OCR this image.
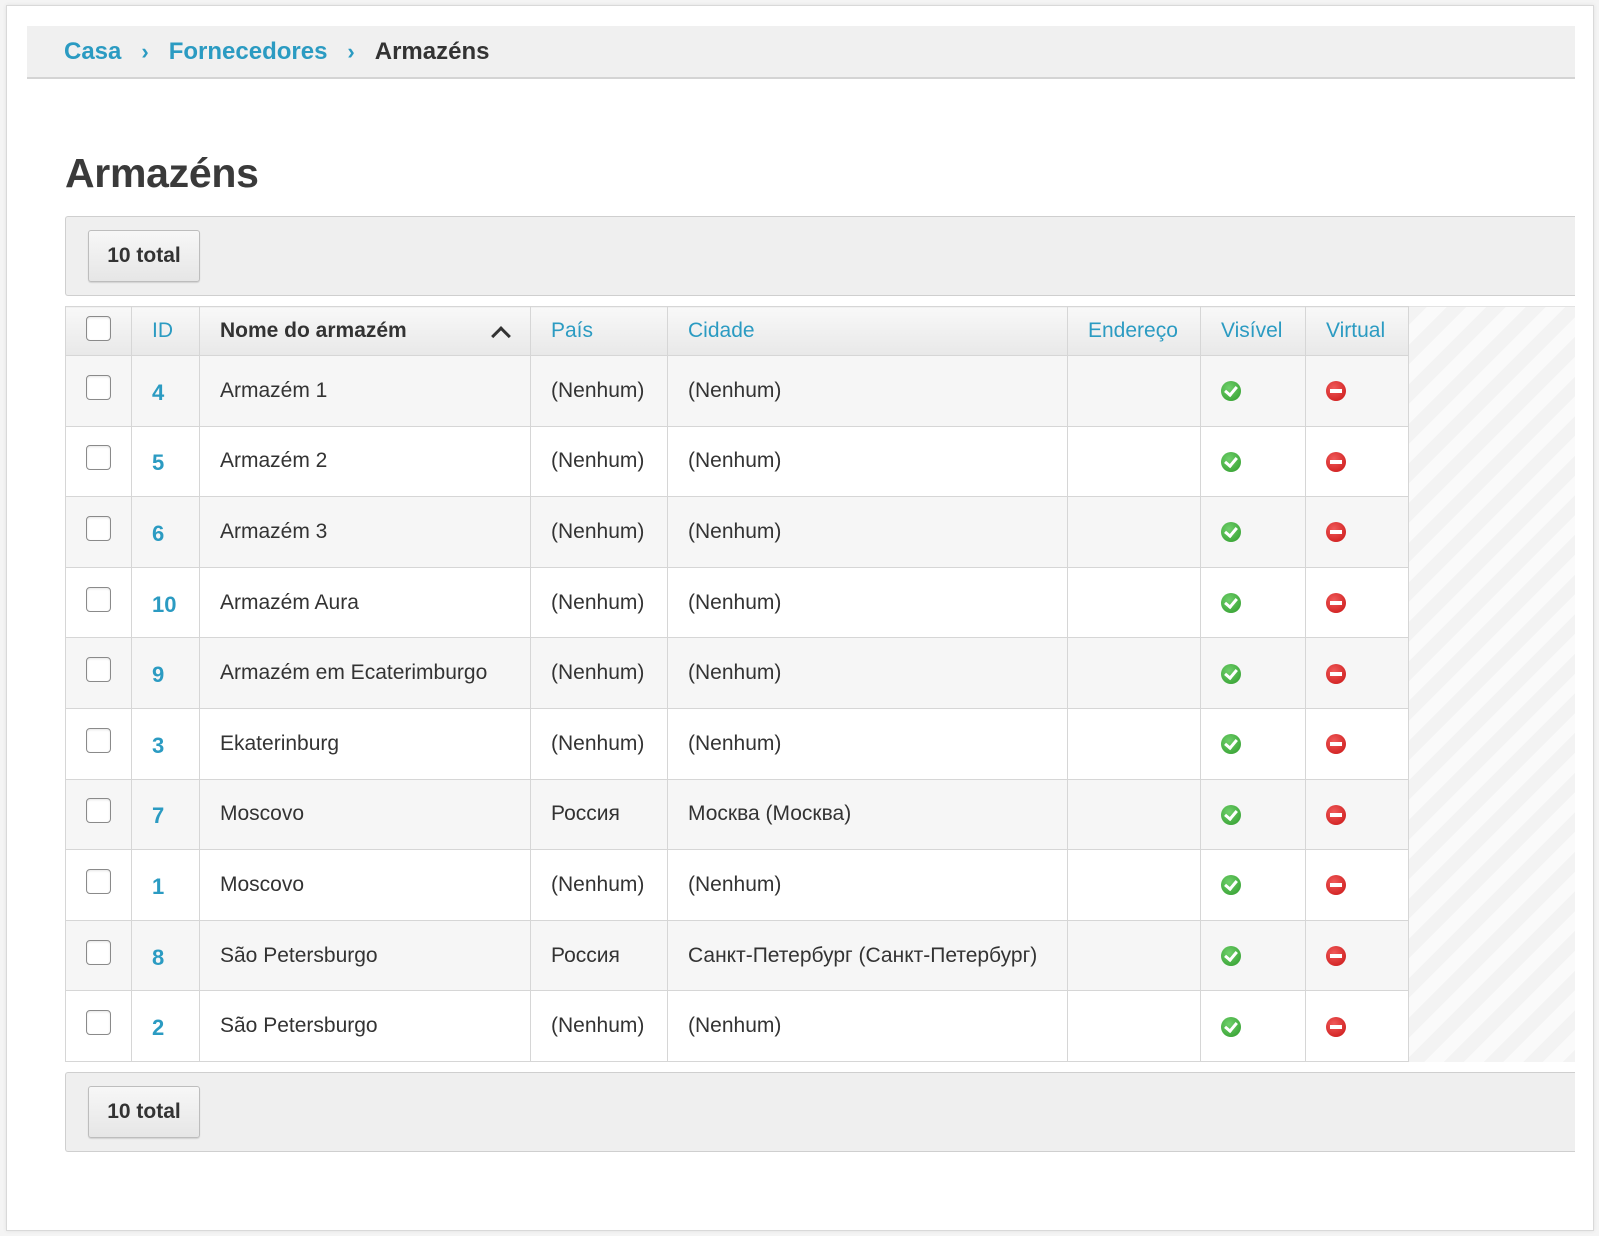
Casa › Fornecedores › Armazéns
Armazéns
10 total
	ID	Nome do armazém	País	Cidade	Endereço	Visível	Virtual
	4	Armazém 1	(Nenhum)	(Nenhum)			
	5	Armazém 2	(Nenhum)	(Nenhum)			
	6	Armazém 3	(Nenhum)	(Nenhum)			
	10	Armazém Aura	(Nenhum)	(Nenhum)			
	9	Armazém em Ecaterimburgo	(Nenhum)	(Nenhum)			
	3	Ekaterinburg	(Nenhum)	(Nenhum)			
	7	Moscovo	Россия	Москва (Москва)			
	1	Moscovo	(Nenhum)	(Nenhum)			
	8	São Petersburgo	Россия	Санкт-Петербург (Санкт-Петербург)			
	2	São Petersburgo	(Nenhum)	(Nenhum)			
10 total
